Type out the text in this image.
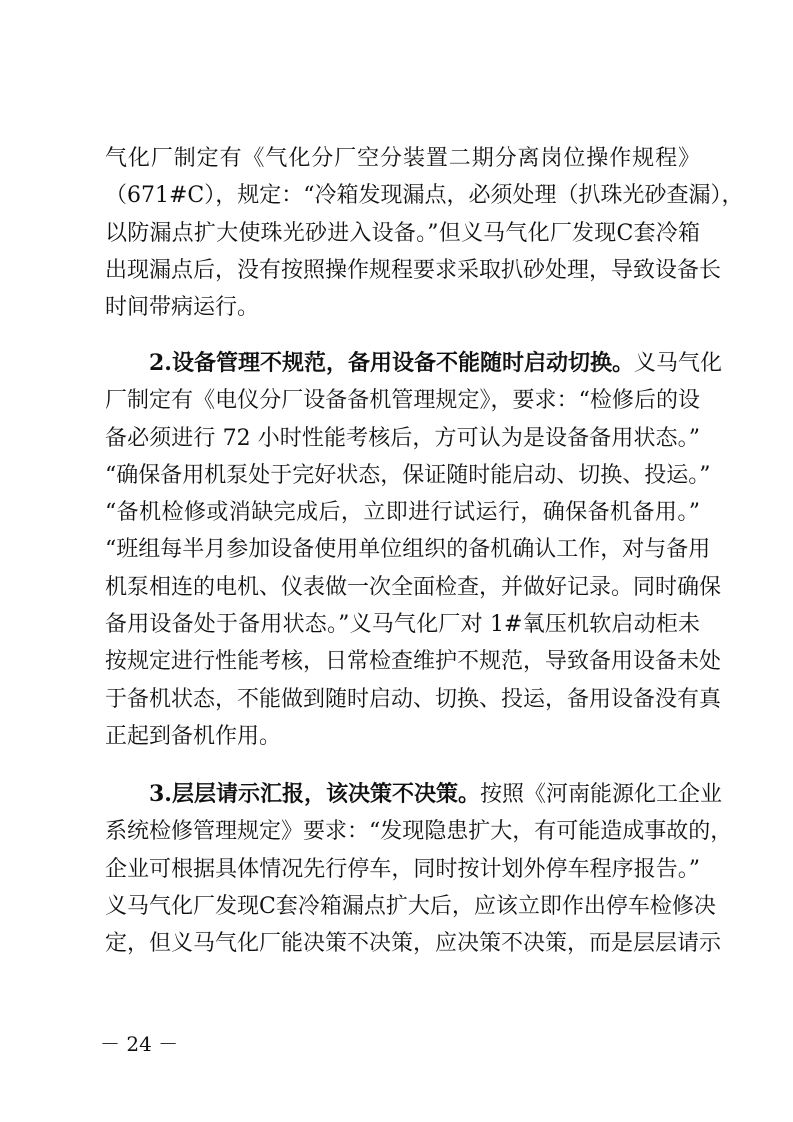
气化厂制定有《气化分厂空分装置二期分离岗位操作规程》
（671#C），规定：“冷箱发现漏点，必须处理（扒珠光砂查漏），
以防漏点扩大使珠光砂进入设备。”但义马气化厂发现C套冷箱
出现漏点后，没有按照操作规程要求采取扒砂处理，导致设备长
时间带病运行。
2.设备管理不规范，备用设备不能随时启动切换。义马气化
厂制定有《电仪分厂设备备机管理规定》，要求：“检修后的设
备必须进行 72 小时性能考核后，方可认为是设备备用状态。”
“确保备用机泵处于完好状态，保证随时能启动、切换、投运。”
“备机检修或消缺完成后，立即进行试运行，确保备机备用。”
“班组每半月参加设备使用单位组织的备机确认工作，对与备用
机泵相连的电机、仪表做一次全面检查，并做好记录。同时确保
备用设备处于备用状态。”义马气化厂对 1#氧压机软启动柜未
按规定进行性能考核，日常检查维护不规范，导致备用设备未处
于备机状态，不能做到随时启动、切换、投运，备用设备没有真
正起到备机作用。
3.层层请示汇报，该决策不决策。按照《河南能源化工企业
系统检修管理规定》要求：“发现隐患扩大，有可能造成事故的，
企业可根据具体情况先行停车，同时按计划外停车程序报告。”
义马气化厂发现C套冷箱漏点扩大后，应该立即作出停车检修决
定，但义马气化厂能决策不决策，应决策不决策，而是层层请示
－ 24 －
